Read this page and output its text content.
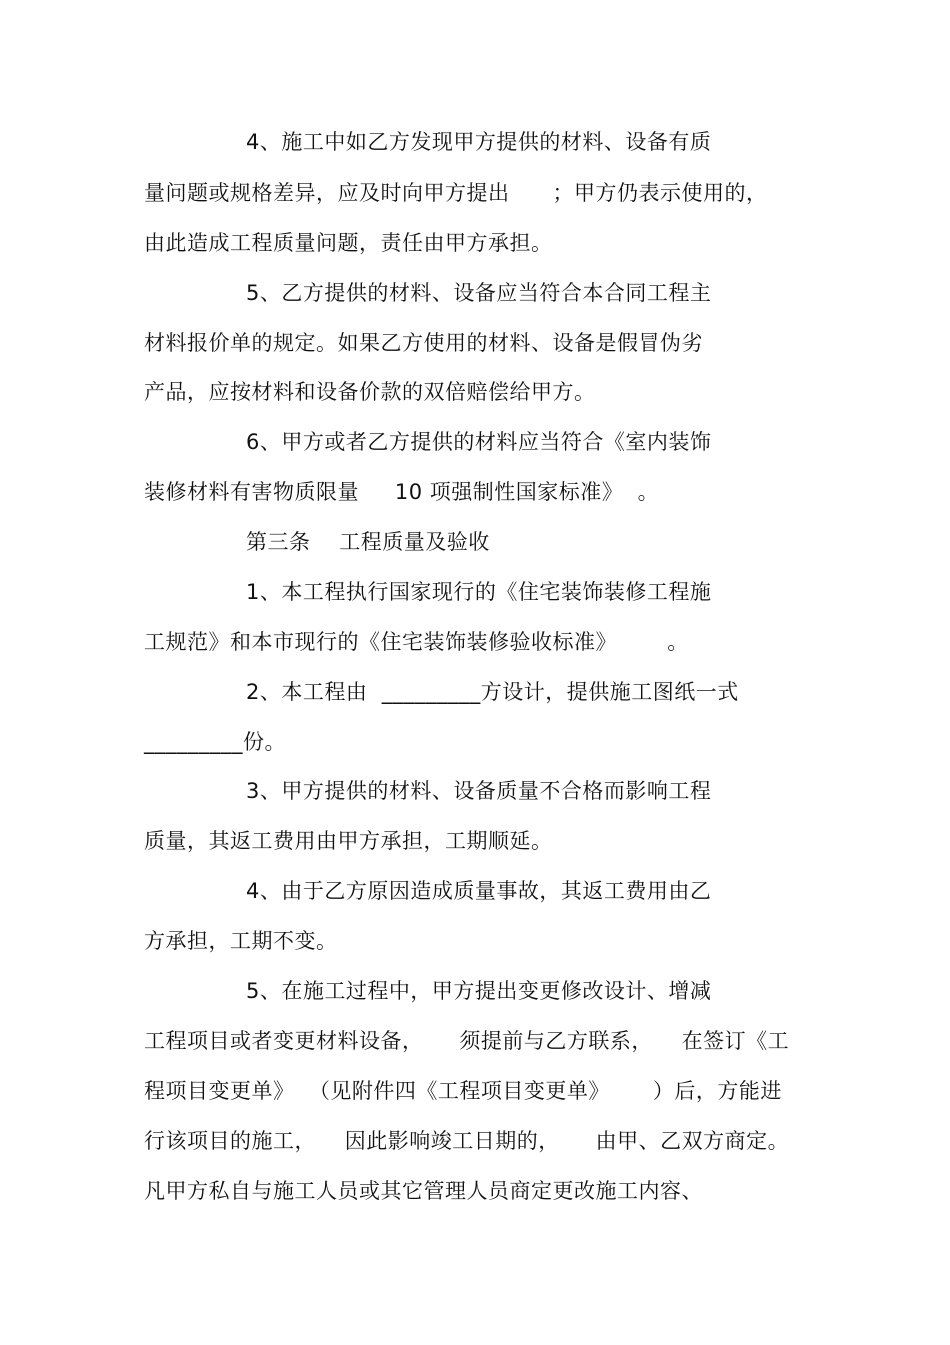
4、施工中如乙方发现甲方提供的材料、设备有质
量问题或规格差异，应及时向甲方提出      ；甲方仍表示使用的，
由此造成工程质量问题，责任由甲方承担。
5、乙方提供的材料、设备应当符合本合同工程主
材料报价单的规定。如果乙方使用的材料、设备是假冒伪劣
产品，应按材料和设备价款的双倍赔偿给甲方。
6、甲方或者乙方提供的材料应当符合《室内装饰
装修材料有害物质限量     10 项强制性国家标准》  。
第三条    工程质量及验收
1、本工程执行国家现行的《住宅装饰装修工程施
工规范》和本市现行的《住宅装饰装修验收标准》       。
2、本工程由  _________方设计，提供施工图纸一式
_________份。
3、甲方提供的材料、设备质量不合格而影响工程
质量，其返工费用由甲方承担，工期顺延。
4、由于乙方原因造成质量事故，其返工费用由乙
方承担，工期不变。
5、在施工过程中，甲方提出变更修改设计、增减
工程项目或者变更材料设备，     须提前与乙方联系，    在签订《工
程项目变更单》  （见附件四《工程项目变更单》      ）后，方能进
行该项目的施工，    因此影响竣工日期的，     由甲、乙双方商定。
凡甲方私自与施工人员或其它管理人员商定更改施工内容、
